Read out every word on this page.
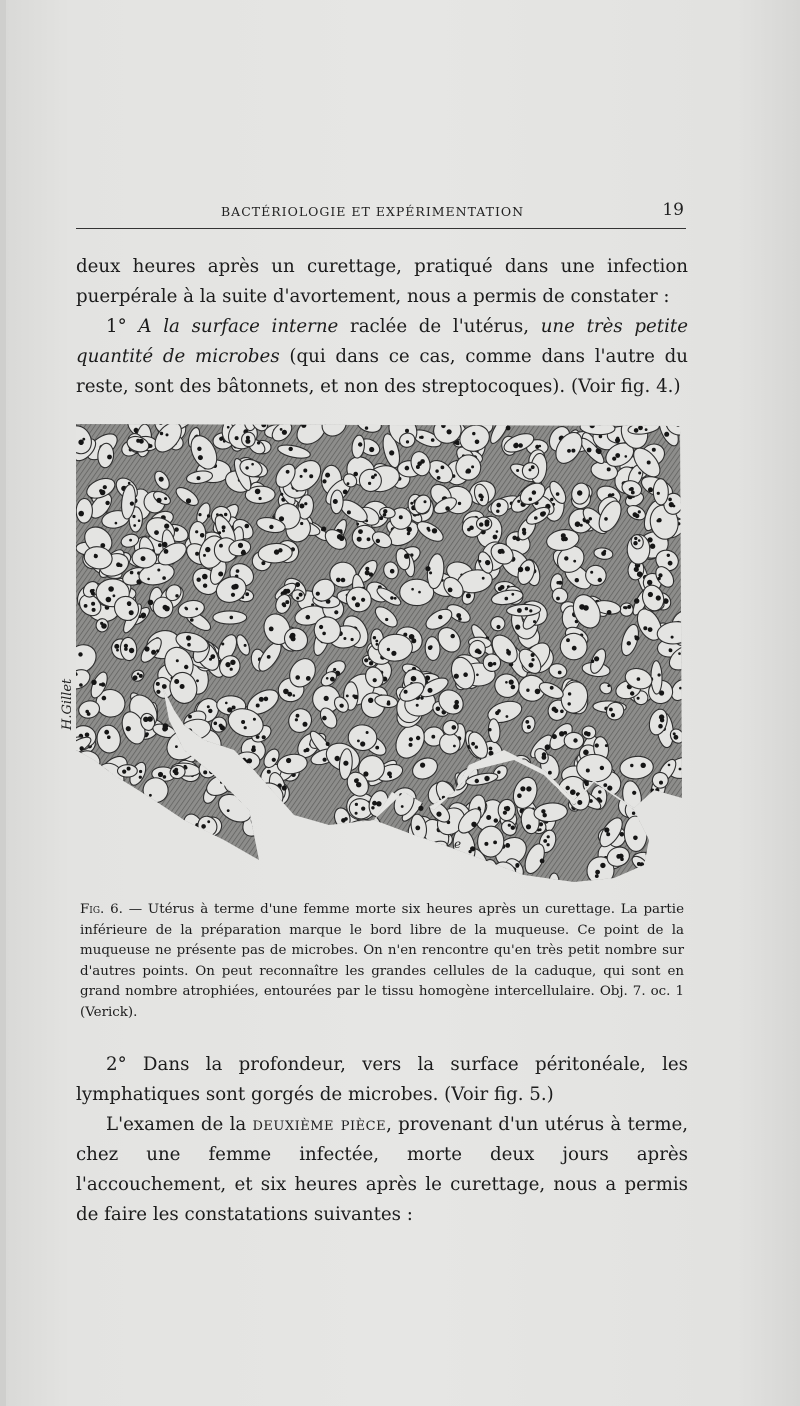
BACTÉRIOLOGIE ET EXPÉRIMENTATION	19

deux heures après un curettage, pratiqué dans une infection puerpérale à la suite d'avortement, nous a permis de constater :

1° A la surface interne raclée de l'utérus, une très petite quantité de microbes (qui dans ce cas, comme dans l'autre du reste, sont des bâtonnets, et non des streptocoques). (Voir fig. 4.)

e
H.Gillet
Fig. 6. — Utérus à terme d'une femme morte six heures après un curettage. La partie inférieure de la préparation marque le bord libre de la muqueuse. Ce point de la muqueuse ne présente pas de microbes. On n'en rencontre qu'en très petit nombre sur d'autres points. On peut reconnaître les grandes cellules de la caduque, qui sont en grand nombre atrophiées, entourées par le tissu homogène intercellulaire. Obj. 7. oc. 1 (Verick).

2° Dans la profondeur, vers la surface péritonéale, les lymphatiques sont gorgés de microbes. (Voir fig. 5.)

L'examen de la deuxième pièce, provenant d'un utérus à terme, chez une femme infectée, morte deux jours après l'accouchement, et six heures après le curettage, nous a permis de faire les constatations suivantes :
